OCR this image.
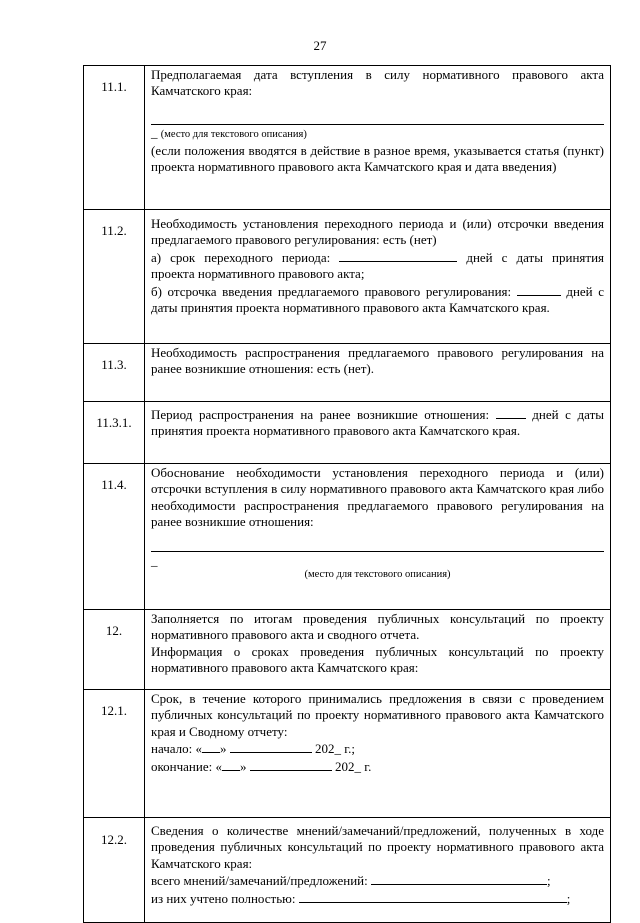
27
11.1.	Предполагаемая дата вступления в силу нормативного правового акта Камчатского края:
_ (место для текстового описания)
(если положения вводятся в действие в разное время, указывается статья (пункт) проекта нормативного правового акта Камчатского края и дата введения)

11.2.	Необходимость установления переходного периода и (или) отсрочки введения предлагаемого правового регулирования: есть (нет)
а) срок переходного периода: дней с даты принятия проекта нормативного правового акта;
б) отсрочка введения предлагаемого правового регулирования: дней с даты принятия проекта нормативного правового акта Камчатского края.

11.3.	Необходимость распространения предлагаемого правового регулирования на ранее возникшие отношения: есть (нет).

11.3.1.	Период распространения на ранее возникшие отношения: дней с даты принятия проекта нормативного правового акта Камчатского края.

11.4.	Обоснование необходимости установления переходного периода и (или) отсрочки вступления в силу нормативного правового акта Камчатского края либо необходимости распространения предлагаемого правового регулирования на ранее возникшие отношения:
_
(место для текстового описания)

12.	Заполняется по итогам проведения публичных консультаций по проекту нормативного правового акта и сводного отчета.
Информация о сроках проведения публичных консультаций по проекту нормативного правового акта Камчатского края:

12.1.	Срок, в течение которого принимались предложения в связи с проведением публичных консультаций по проекту нормативного правового акта Камчатского края и Сводному отчету:
начало: « » 202_ г.;
окончание: « » 202_ г.

12.2.	Сведения о количестве мнений/замечаний/предложений, полученных в ходе проведения публичных консультаций по проекту нормативного правового акта Камчатского края:
всего мнений/замечаний/предложений: ;
из них учтено полностью: ;
